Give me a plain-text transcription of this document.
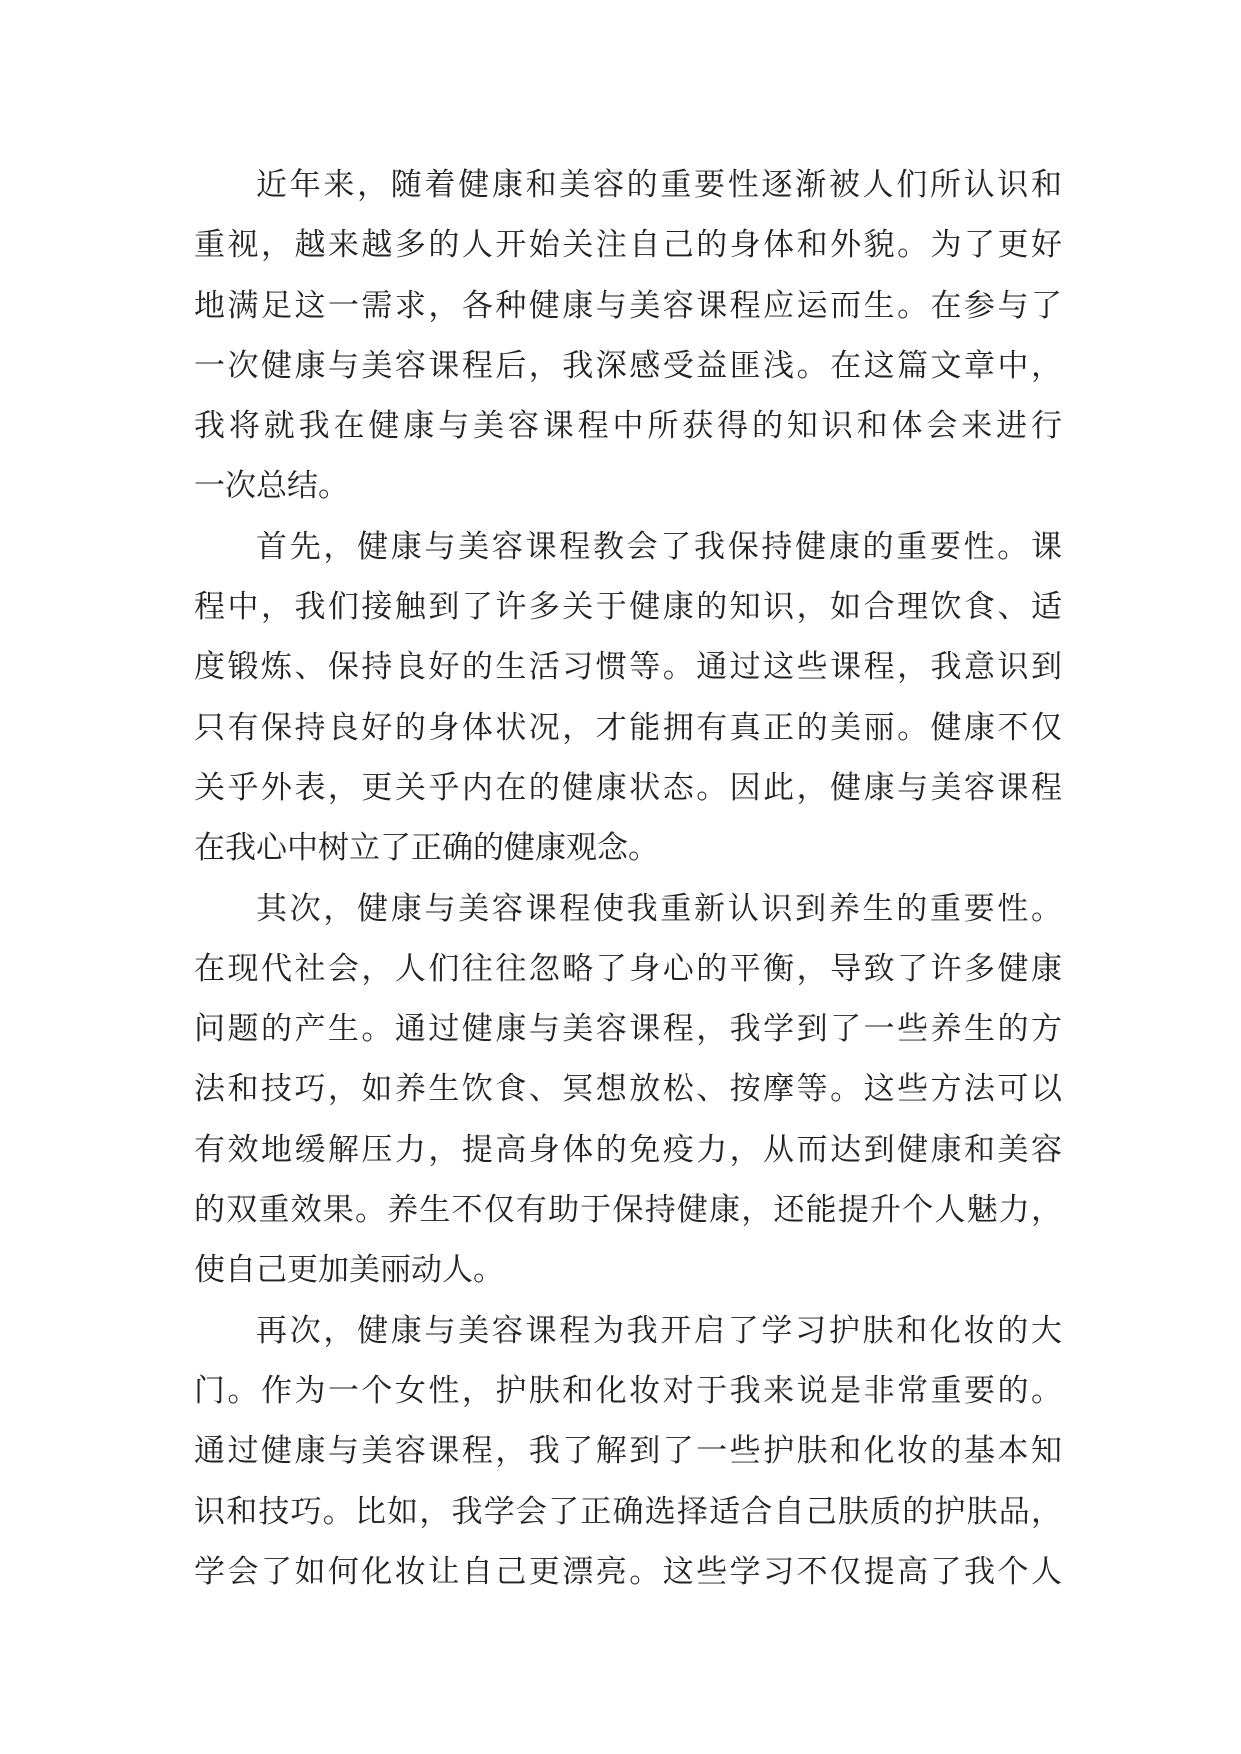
近年来，随着健康和美容的重要性逐渐被人们所认识和
重视，越来越多的人开始关注自己的身体和外貌。为了更好
地满足这一需求，各种健康与美容课程应运而生。在参与了
一次健康与美容课程后，我深感受益匪浅。在这篇文章中，
我将就我在健康与美容课程中所获得的知识和体会来进行
一次总结。
首先，健康与美容课程教会了我保持健康的重要性。课
程中，我们接触到了许多关于健康的知识，如合理饮食、适
度锻炼、保持良好的生活习惯等。通过这些课程，我意识到
只有保持良好的身体状况，才能拥有真正的美丽。健康不仅
关乎外表，更关乎内在的健康状态。因此，健康与美容课程
在我心中树立了正确的健康观念。
其次，健康与美容课程使我重新认识到养生的重要性。
在现代社会，人们往往忽略了身心的平衡，导致了许多健康
问题的产生。通过健康与美容课程，我学到了一些养生的方
法和技巧，如养生饮食、冥想放松、按摩等。这些方法可以
有效地缓解压力，提高身体的免疫力，从而达到健康和美容
的双重效果。养生不仅有助于保持健康，还能提升个人魅力，
使自己更加美丽动人。
再次，健康与美容课程为我开启了学习护肤和化妆的大
门。作为一个女性，护肤和化妆对于我来说是非常重要的。
通过健康与美容课程，我了解到了一些护肤和化妆的基本知
识和技巧。比如，我学会了正确选择适合自己肤质的护肤品，
学会了如何化妆让自己更漂亮。这些学习不仅提高了我个人
